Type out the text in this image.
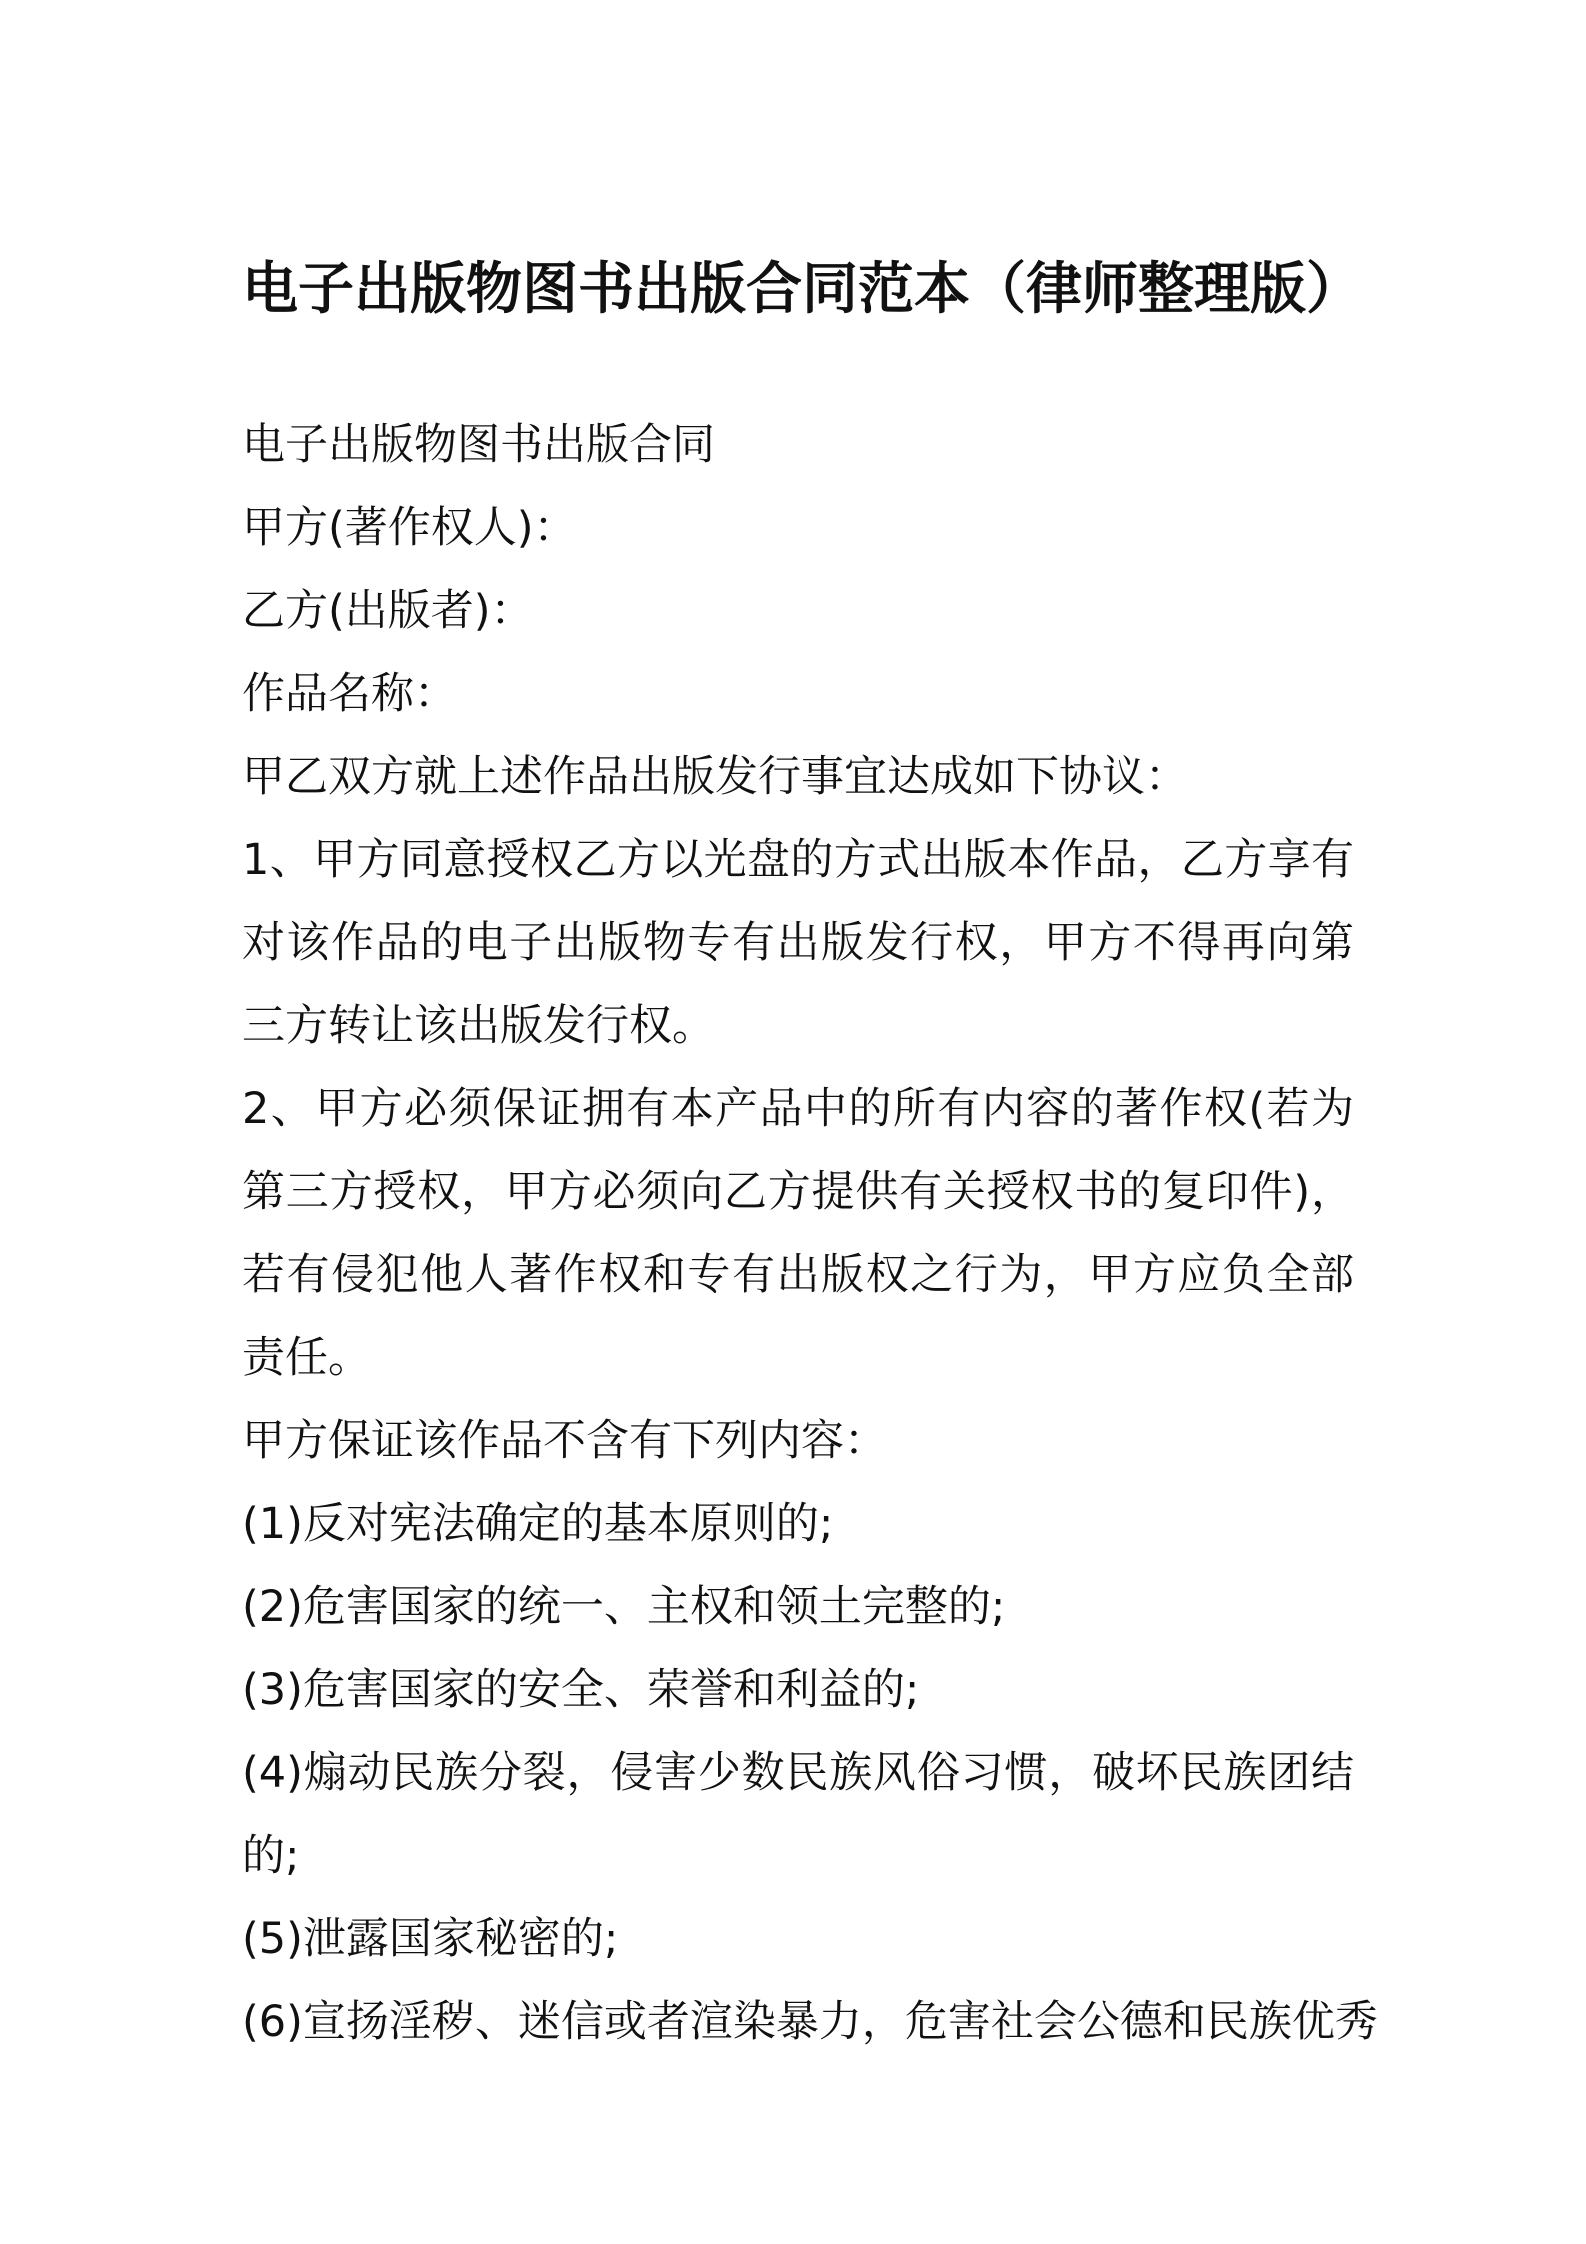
电子出版物图书出版合同范本（律师整理版）

电子出版物图书出版合同

甲方(著作权人)：

乙方(出版者)：

作品名称：

甲乙双方就上述作品出版发行事宜达成如下协议：

1、甲方同意授权乙方以光盘的方式出版本作品，乙方享有对该作品的电子出版物专有出版发行权，甲方不得再向第三方转让该出版发行权。

2、甲方必须保证拥有本产品中的所有内容的著作权(若为第三方授权，甲方必须向乙方提供有关授权书的复印件)，若有侵犯他人著作权和专有出版权之行为，甲方应负全部责任。

甲方保证该作品不含有下列内容：

(1)反对宪法确定的基本原则的;

(2)危害国家的统一、主权和领土完整的;

(3)危害国家的安全、荣誉和利益的;

(4)煽动民族分裂，侵害少数民族风俗习惯，破坏民族团结的;

(5)泄露国家秘密的;

(6)宣扬淫秽、迷信或者渲染暴力，危害社会公德和民族优秀
